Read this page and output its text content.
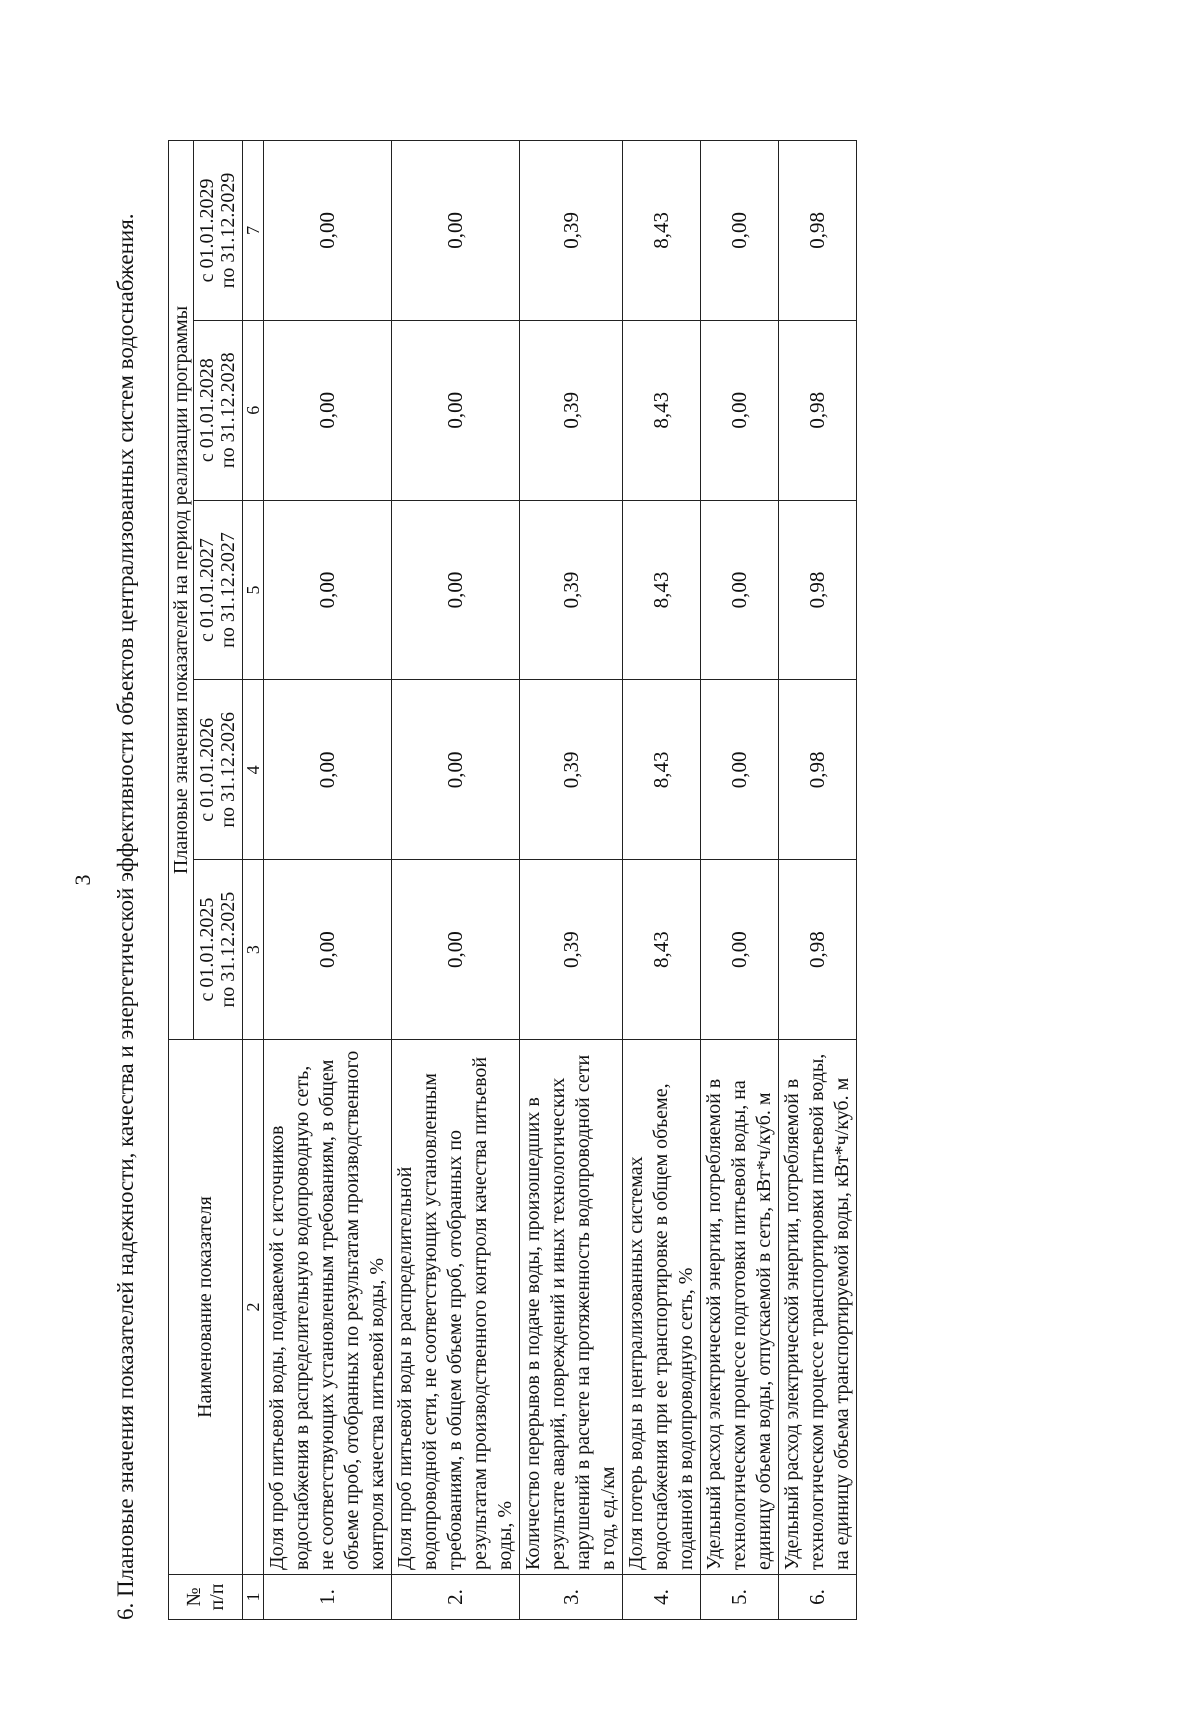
3 6. Плановые значения показателей надежности, качества и энергетической эффективности объектов централизованных систем водоснабжения. № п/п	Наименование показателя	Плановые значения показателей на период реализации программы				

		с 01.01.2025 по 31.12.2025	с 01.01.2026 по 31.12.2026	с 01.01.2027 по 31.12.2027	с 01.01.2028 по 31.12.2028	с 01.01.2029 по 31.12.2029

1	2	3	4	5	6	7
1.	Доля проб питьевой воды, подаваемой с источников водоснабжения в распределительную водопроводную сеть, не соответствующих установленным требованиям, в общем объеме проб, отобранных по результатам производственного контроля качества питьевой воды, %	0,00	0,00	0,00	0,00	0,00
2.	Доля проб питьевой воды в распределительной водопроводной сети, не соответствующих установленным требованиям, в общем объеме проб, отобранных по результатам производственного контроля качества питьевой воды, %	0,00	0,00	0,00	0,00	0,00
3.	Количество перерывов в подаче воды, произошедших в результате аварий, повреждений и иных технологических нарушений в расчете на протяженность водопроводной сети в год, ед./км	0,39	0,39	0,39	0,39	0,39
4.	Доля потерь воды в централизованных системах водоснабжения при ее транспортировке в общем объеме, поданной в водопроводную сеть, %	8,43	8,43	8,43	8,43	8,43
5.	Удельный расход электрической энергии, потребляемой в технологическом процессе подготовки питьевой воды, на единицу объема воды, отпускаемой в сеть, кВт*ч/куб. м	0,00	0,00	0,00	0,00	0,00
6.	Удельный расход электрической энергии, потребляемой в технологическом процессе транспортировки питьевой воды, на единицу объема транспортируемой воды, кВт*ч/куб. м	0,98	0,98	0,98	0,98	0,98
